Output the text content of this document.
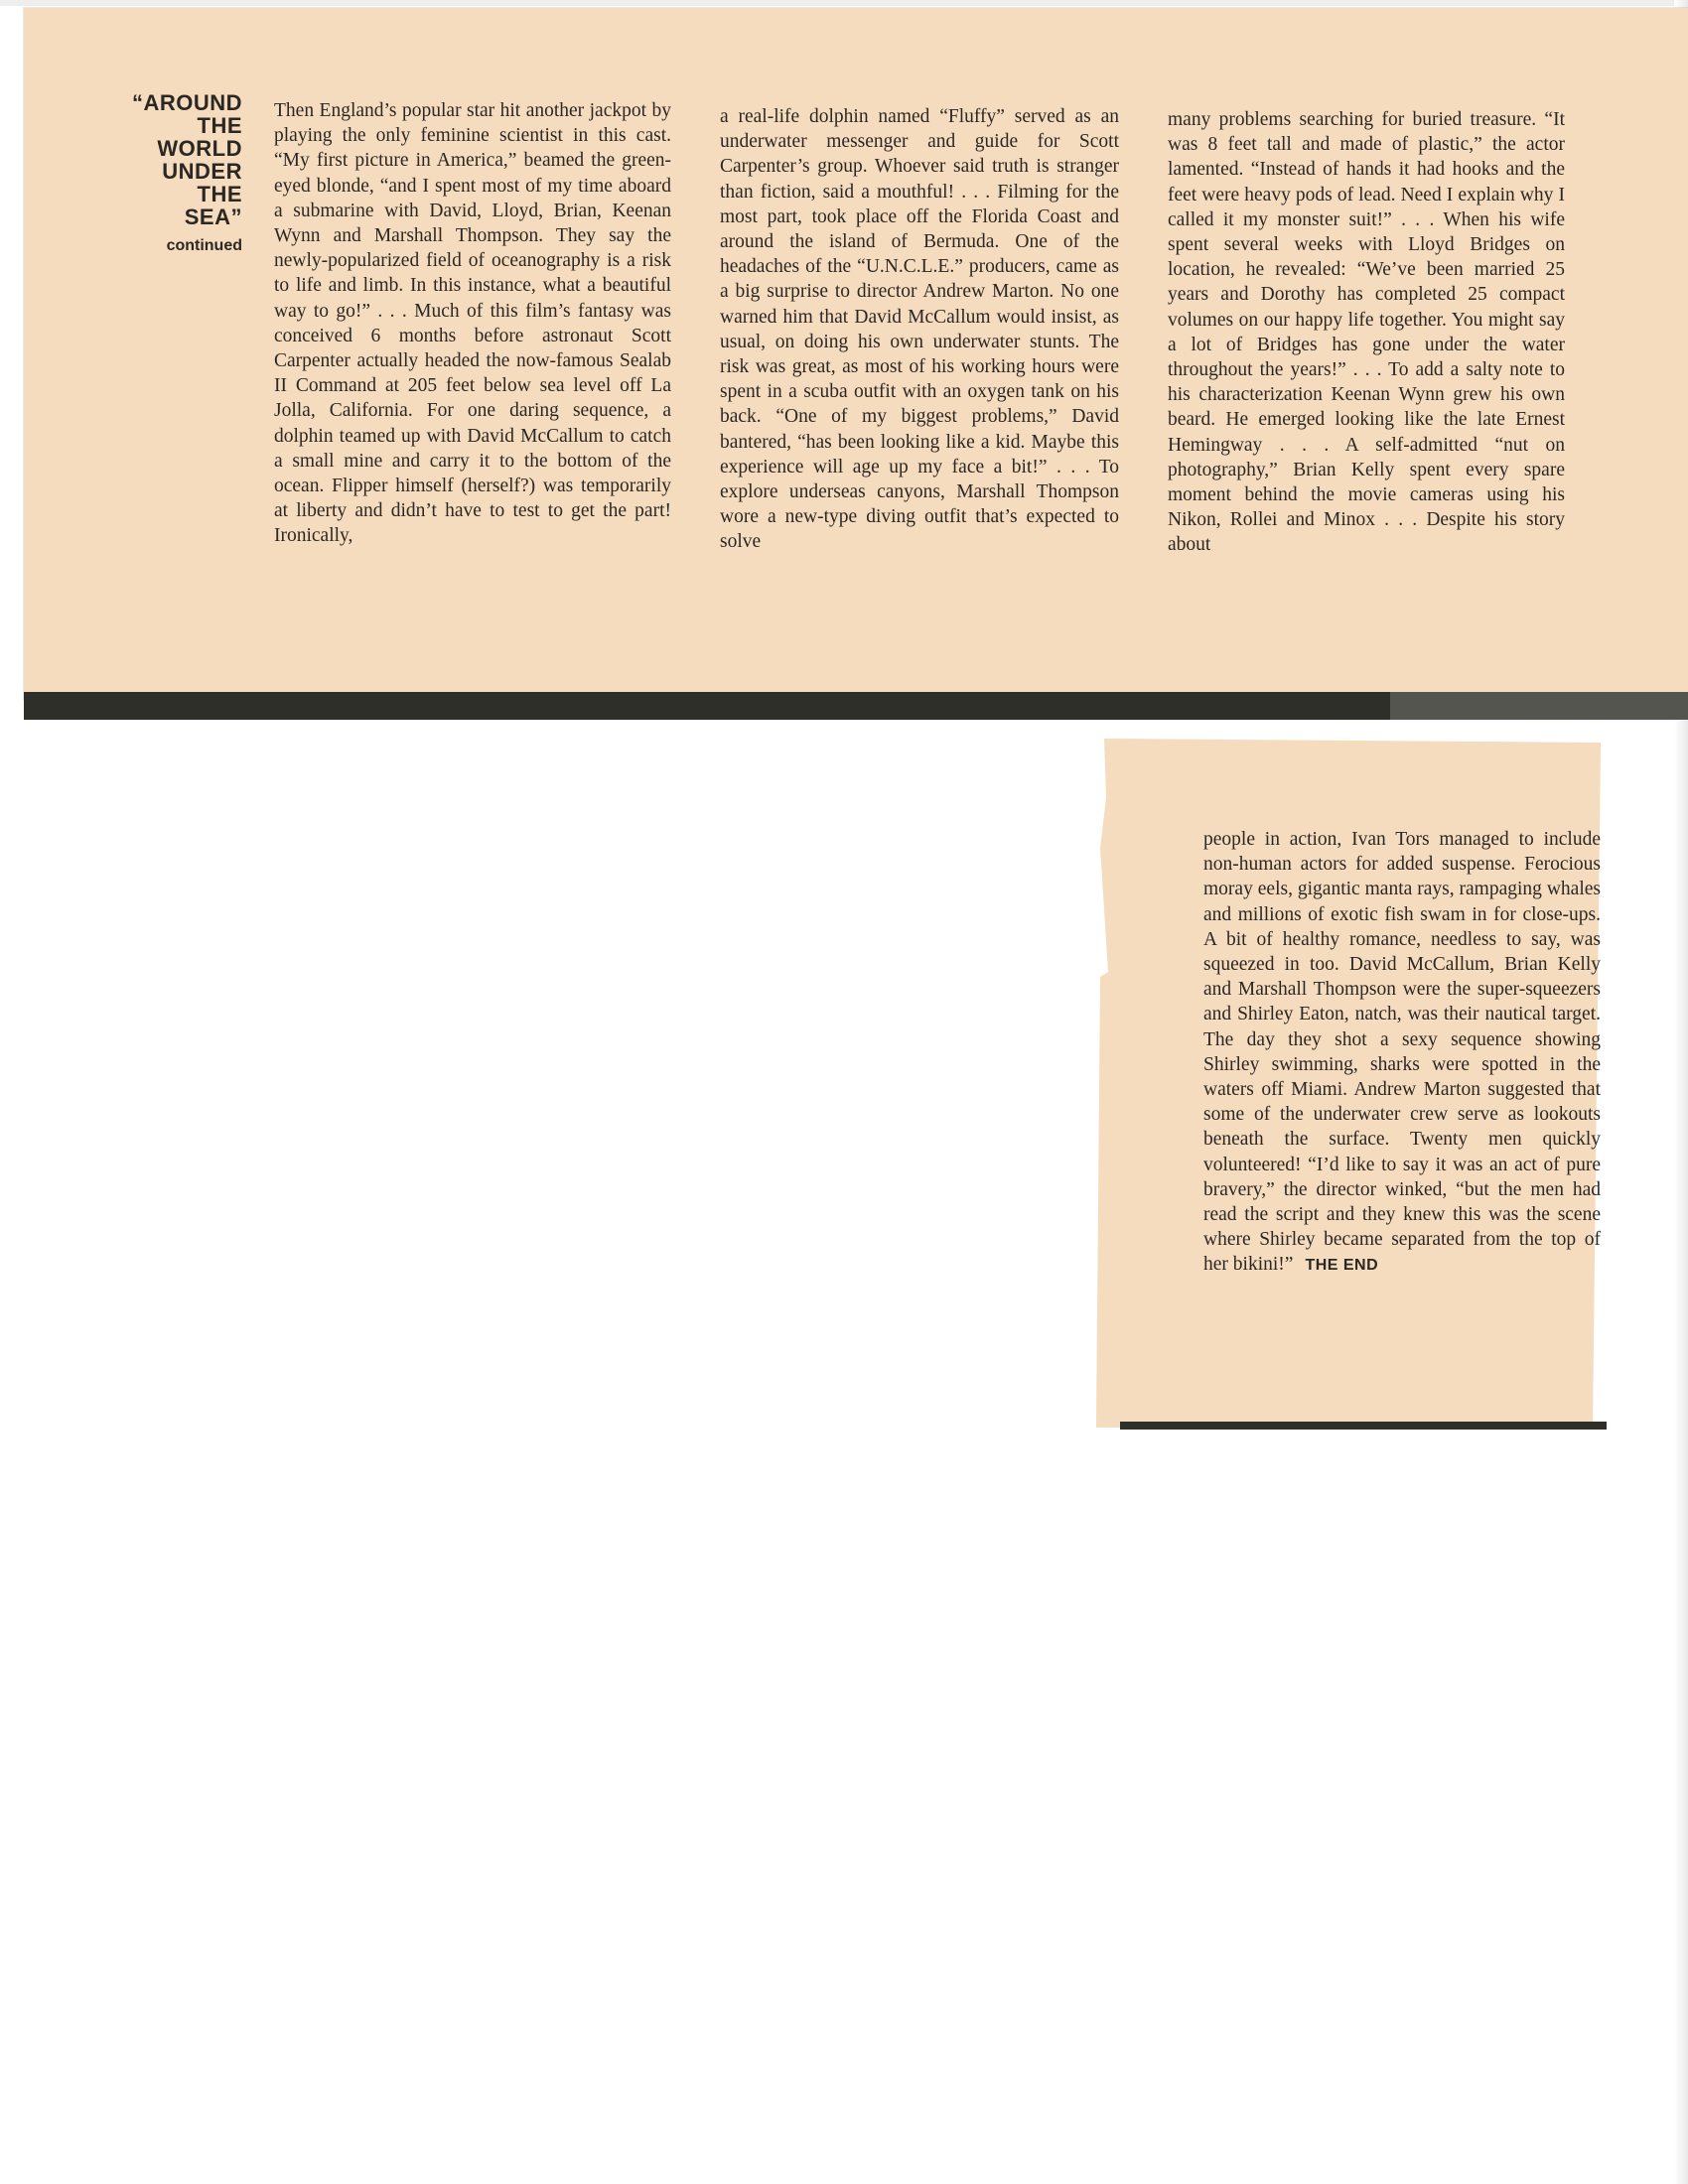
“AROUND
THE
WORLD
UNDER
THE
SEA”
continued

Then England’s popular star hit another jackpot by playing the only feminine scientist in this cast. “My first picture in America,” beamed the green-eyed blonde, “and I spent most of my time aboard a submarine with David, Lloyd, Brian, Keenan Wynn and Marshall Thompson. They say the newly-popularized field of oceanography is a risk to life and limb. In this instance, what a beautiful way to go!” . . . Much of this film’s fantasy was conceived 6 months before astronaut Scott Carpenter actually headed the now-famous Sealab II Command at 205 feet below sea level off La Jolla, California. For one daring sequence, a dolphin teamed up with David McCallum to catch a small mine and carry it to the bottom of the ocean. Flipper himself (herself?) was temporarily at liberty and didn’t have to test to get the part! Ironically,

a real-life dolphin named “Fluffy” served as an underwater messenger and guide for Scott Carpenter’s group. Whoever said truth is stranger than fiction, said a mouthful! . . . Filming for the most part, took place off the Florida Coast and around the island of Bermuda. One of the headaches of the “U.N.C.L.E.” producers, came as a big surprise to director Andrew Marton. No one warned him that David McCallum would insist, as usual, on doing his own underwater stunts. The risk was great, as most of his working hours were spent in a scuba outfit with an oxygen tank on his back. “One of my biggest problems,” David bantered, “has been looking like a kid. Maybe this experience will age up my face a bit!” . . . To explore underseas canyons, Marshall Thompson wore a new-type diving outfit that’s expected to solve

many problems searching for buried treasure. “It was 8 feet tall and made of plastic,” the actor lamented. “Instead of hands it had hooks and the feet were heavy pods of lead. Need I explain why I called it my monster suit!” . . . When his wife spent several weeks with Lloyd Bridges on location, he revealed: “We’ve been married 25 years and Dorothy has completed 25 compact volumes on our happy life together. You might say a lot of Bridges has gone under the water throughout the years!” . . . To add a salty note to his characterization Keenan Wynn grew his own beard. He emerged looking like the late Ernest Hemingway . . . A self-admitted “nut on photography,” Brian Kelly spent every spare moment behind the movie cameras using his Nikon, Rollei and Minox . . . Despite his story about

people in action, Ivan Tors managed to include non-human actors for added suspense. Ferocious moray eels, gigantic manta rays, rampaging whales and millions of exotic fish swam in for close-ups. A bit of healthy romance, needless to say, was squeezed in too. David McCallum, Brian Kelly and Marshall Thompson were the super-squeezers and Shirley Eaton, natch, was their nautical target. The day they shot a sexy sequence showing Shirley swimming, sharks were spotted in the waters off Miami. Andrew Marton suggested that some of the underwater crew serve as lookouts beneath the surface. Twenty men quickly volunteered! “I’d like to say it was an act of pure bravery,” the director winked, “but the men had read the script and they knew this was the scene where Shirley became separated from the top of her bikini!” THE END
